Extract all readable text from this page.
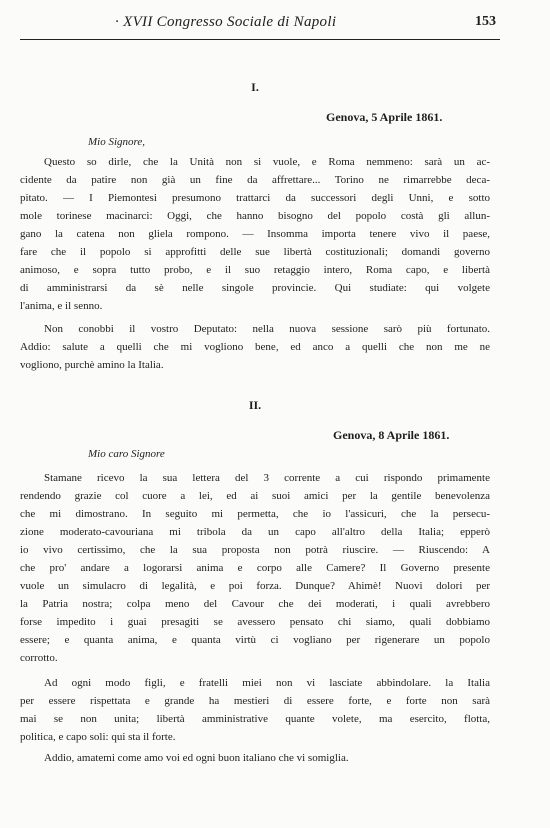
· XVII Congresso Sociale di Napoli	153
I.
Genova, 5 Aprile 1861.
Mio Signore,
Questo so dirle, che la Unità non si vuole, e Roma nemmeno: sarà un ac-
cidente da patire non già un fine da affrettare... Torino ne rimarrebbe deca-
pitato. — I Piemontesi presumono trattarci da successori degli Unni, e sotto
mole torinese macinarci: Oggi, che hanno bisogno del popolo costà gli allun-
gano la catena non gliela rompono. — Insomma importa tenere vivo il paese,
fare che il popolo si approfitti delle sue libertà costituzionali; domandi governo
animoso, e sopra tutto probo, e il suo retaggio intero, Roma capo, e libertà
di amministrarsi da sè nelle singole provincie. Qui studiate: qui volgete
l'anima, e il senno.
Non conobbi il vostro Deputato: nella nuova sessione sarò più fortunato.
Addio: salute a quelli che mi vogliono bene, ed anco a quelli che non me ne
vogliono, purchè amino la Italia.
II.
Genova, 8 Aprile 1861.
Mio caro Signore
Stamane ricevo la sua lettera del 3 corrente a cui rispondo primamente
rendendo grazie col cuore a lei, ed ai suoi amici per la gentile benevolenza
che mi dimostrano. In seguito mi permetta, che io l'assicuri, che la persecu-
zione moderato-cavouriana mi tribola da un capo all'altro della Italia; epperò
io vivo certissimo, che la sua proposta non potrà riuscire. — Riuscendo: A
che pro' andare a logorarsi anima e corpo alle Camere? Il Governo presente
vuole un simulacro di legalità, e poi forza. Dunque? Ahimè! Nuovi dolori per
la Patria nostra; colpa meno del Cavour che dei moderati, i quali avrebbero
forse impedito i guai presagiti se avessero pensato chi siamo, quali dobbiamo
essere; e quanta anima, e quanta virtù ci vogliano per rigenerare un popolo
corrotto.
Ad ogni modo figli, e fratelli miei non vi lasciate abbindolare. la Italia
per essere rispettata e grande ha mestieri di essere forte, e forte non sarà
mai se non unita; libertà amministrative quante volete, ma esercito, flotta,
politica, e capo soli: qui sta il forte.
Addio, amatemi come amo voi ed ogni buon italiano che vi somiglia.
